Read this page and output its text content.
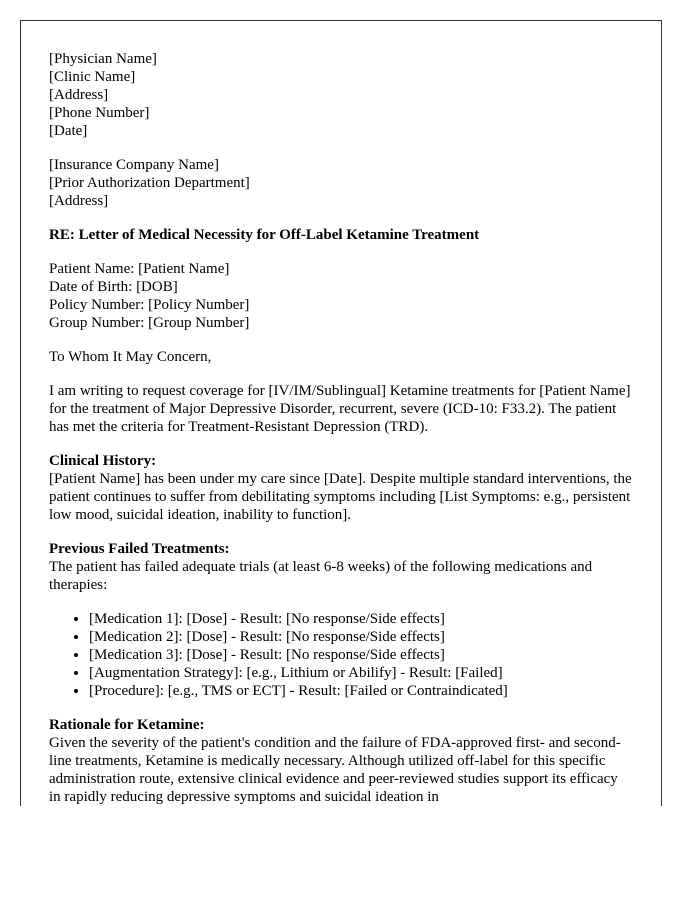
[Physician Name]
[Clinic Name]
[Address]
[Phone Number]
[Date]

[Insurance Company Name]
[Prior Authorization Department]
[Address]

RE: Letter of Medical Necessity for Off-Label Ketamine Treatment

Patient Name: [Patient Name]
Date of Birth: [DOB]
Policy Number: [Policy Number]
Group Number: [Group Number]

To Whom It May Concern,

I am writing to request coverage for [IV/IM/Sublingual] Ketamine treatments for [Patient Name] for the treatment of Major Depressive Disorder, recurrent, severe (ICD-10: F33.2). The patient has met the criteria for Treatment-Resistant Depression (TRD).

Clinical History:
[Patient Name] has been under my care since [Date]. Despite multiple standard interventions, the patient continues to suffer from debilitating symptoms including [List Symptoms: e.g., persistent low mood, suicidal ideation, inability to function].

Previous Failed Treatments:
The patient has failed adequate trials (at least 6-8 weeks) of the following medications and therapies:

• [Medication 1]: [Dose] - Result: [No response/Side effects]
• [Medication 2]: [Dose] - Result: [No response/Side effects]
• [Medication 3]: [Dose] - Result: [No response/Side effects]
• [Augmentation Strategy]: [e.g., Lithium or Abilify] - Result: [Failed]
• [Procedure]: [e.g., TMS or ECT] - Result: [Failed or Contraindicated]

Rationale for Ketamine:
Given the severity of the patient's condition and the failure of FDA-approved first- and second-line treatments, Ketamine is medically necessary. Although utilized off-label for this specific administration route, extensive clinical evidence and peer-reviewed studies support its efficacy in rapidly reducing depressive symptoms and suicidal ideation in
